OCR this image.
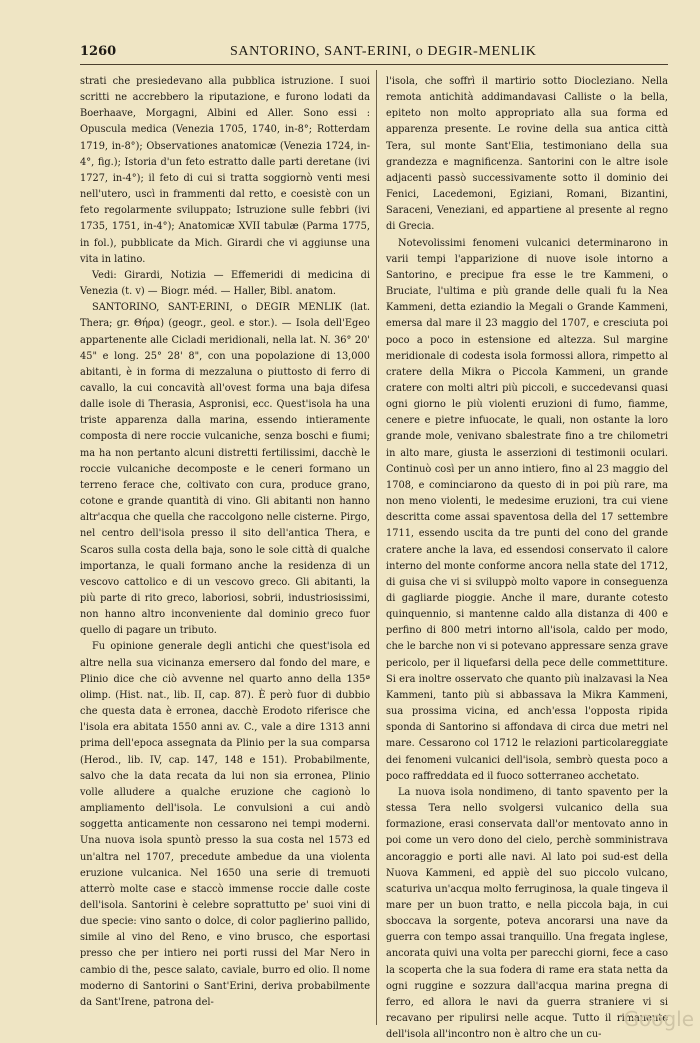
1260	SANTORINO, SANT-ERINI, o DEGIR-MENLIK

strati che presiedevano alla pubblica istruzione. I suoi scritti ne accrebbero la riputazione, e furono lodati da Boerhaave, Morgagni, Albini ed Aller. Sono essi : Opuscula medica (Venezia 1705, 1740, in-8°; Rotterdam 1719, in-8°); Observationes anatomicæ (Venezia 1724, in-4°, fig.); Istoria d'un feto estratto dalle parti deretane (ivi 1727, in-4°); il feto di cui si tratta soggiornò venti mesi nell'utero, uscì in frammenti dal retto, e coesistè con un feto regolarmente sviluppato; Istruzione sulle febbri (ivi 1735, 1751, in-4°); Anatomicæ XVII tabulæ (Parma 1775, in fol.), pubblicate da Mich. Girardi che vi aggiunse una vita in latino.

Vedi: Girardi, Notizia — Effemeridi di medicina di Venezia (t. v) — Biogr. méd. — Haller, Bibl. anatom.

SANTORINO, SANT-ERINI, o DEGIR MENLIK (lat. Thera; gr. Θήρα) (geogr., geol. e stor.). — Isola dell'Egeo appartenente alle Cicladi meridionali, nella lat. N. 36° 20' 45" e long. 25° 28' 8", con una popolazione di 13,000 abitanti, è in forma di mezzaluna o piuttosto di ferro di cavallo, la cui concavità all'ovest forma una baja difesa dalle isole di Therasia, Aspronisi, ecc. Quest'isola ha una triste apparenza dalla marina, essendo intieramente composta di nere roccie vulcaniche, senza boschi e fiumi; ma ha non pertanto alcuni distretti fertilissimi, dacchè le roccie vulcaniche decomposte e le ceneri formano un terreno ferace che, coltivato con cura, produce grano, cotone e grande quantità di vino. Gli abitanti non hanno altr'acqua che quella che raccolgono nelle cisterne. Pirgo, nel centro dell'isola presso il sito dell'antica Thera, e Scaros sulla costa della baja, sono le sole città di qualche importanza, le quali formano anche la residenza di un vescovo cattolico e di un vescovo greco. Gli abitanti, la più parte di rito greco, laboriosi, sobrii, industriosissimi, non hanno altro inconveniente dal dominio greco fuor quello di pagare un tributo.

Fu opinione generale degli antichi che quest'isola ed altre nella sua vicinanza emersero dal fondo del mare, e Plinio dice che ciò avvenne nel quarto anno della 135ª olimp. (Hist. nat., lib. II, cap. 87). È però fuor di dubbio che questa data è erronea, dacchè Erodoto riferisce che l'isola era abitata 1550 anni av. C., vale a dire 1313 anni prima dell'epoca assegnata da Plinio per la sua comparsa (Herod., lib. IV, cap. 147, 148 e 151). Probabilmente, salvo che la data recata da lui non sia erronea, Plinio volle alludere a qualche eruzione che cagionò lo ampliamento dell'isola. Le convulsioni a cui andò soggetta anticamente non cessarono nei tempi moderni. Una nuova isola spuntò presso la sua costa nel 1573 ed un'altra nel 1707, precedute ambedue da una violenta eruzione vulcanica. Nel 1650 una serie di tremuoti atterrò molte case e staccò immense roccie dalle coste dell'isola. Santorini è celebre soprattutto pe' suoi vini di due specie: vino santo o dolce, di color paglierino pallido, simile al vino del Reno, e vino brusco, che esportasi presso che per intiero nei porti russi del Mar Nero in cambio di the, pesce salato, caviale, burro ed olio. Il nome moderno di Santorini o Sant'Erini, deriva probabilmente da Sant'Irene, patrona del-

l'isola, che soffrì il martirio sotto Diocleziano. Nella remota antichità addimandavasi Calliste o la bella, epiteto non molto appropriato alla sua forma ed apparenza presente. Le rovine della sua antica città Tera, sul monte Sant'Elia, testimoniano della sua grandezza e magnificenza. Santorini con le altre isole adjacenti passò successivamente sotto il dominio dei Fenici, Lacedemoni, Egiziani, Romani, Bizantini, Saraceni, Veneziani, ed appartiene al presente al regno di Grecia.

Notevolissimi fenomeni vulcanici determinarono in varii tempi l'apparizione di nuove isole intorno a Santorino, e precipue fra esse le tre Kammeni, o Bruciate, l'ultima e più grande delle quali fu la Nea Kammeni, detta eziandio la Megali o Grande Kammeni, emersa dal mare il 23 maggio del 1707, e cresciuta poi poco a poco in estensione ed altezza. Sul margine meridionale di codesta isola formossi allora, rimpetto al cratere della Mikra o Piccola Kammeni, un grande cratere con molti altri più piccoli, e succedevansi quasi ogni giorno le più violenti eruzioni di fumo, fiamme, cenere e pietre infuocate, le quali, non ostante la loro grande mole, venivano sbalestrate fino a tre chilometri in alto mare, giusta le asserzioni di testimonii oculari. Continuò così per un anno intiero, fino al 23 maggio del 1708, e cominciarono da questo di in poi più rare, ma non meno violenti, le medesime eruzioni, tra cui viene descritta come assai spaventosa della del 17 settembre 1711, essendo uscita da tre punti del cono del grande cratere anche la lava, ed essendosi conservato il calore interno del monte conforme ancora nella state del 1712, di guisa che vi si sviluppò molto vapore in conseguenza di gagliarde pioggie. Anche il mare, durante cotesto quinquennio, si mantenne caldo alla distanza di 400 e perfino di 800 metri intorno all'isola, caldo per modo, che le barche non vi si potevano appressare senza grave pericolo, per il liquefarsi della pece delle commettiture. Si era inoltre osservato che quanto più inalzavasi la Nea Kammeni, tanto più si abbassava la Mikra Kammeni, sua prossima vicina, ed anch'essa l'opposta ripida sponda di Santorino si affondava di circa due metri nel mare. Cessarono col 1712 le relazioni particolareggiate dei fenomeni vulcanici dell'isola, sembrò questa poco a poco raffreddata ed il fuoco sotterraneo acchetato.

La nuova isola nondimeno, di tanto spavento per la stessa Tera nello svolgersi vulcanico della sua formazione, erasi conservata dall'or mentovato anno in poi come un vero dono del cielo, perchè somministrava ancoraggio e porti alle navi. Al lato poi sud-est della Nuova Kammeni, ed appiè del suo piccolo vulcano, scaturiva un'acqua molto ferruginosa, la quale tingeva il mare per un buon tratto, e nella piccola baja, in cui sboccava la sorgente, poteva ancorarsi una nave da guerra con tempo assai tranquillo. Una fregata inglese, ancorata quivi una volta per parecchi giorni, fece a caso la scoperta che la sua fodera di rame era stata netta da ogni ruggine e sozzura dall'acqua marina pregna di ferro, ed allora le navi da guerra straniere vi si recavano per ripulirsi nelle acque. Tutto il rimanente dell'isola all'incontro non è altro che un cu-

Google
